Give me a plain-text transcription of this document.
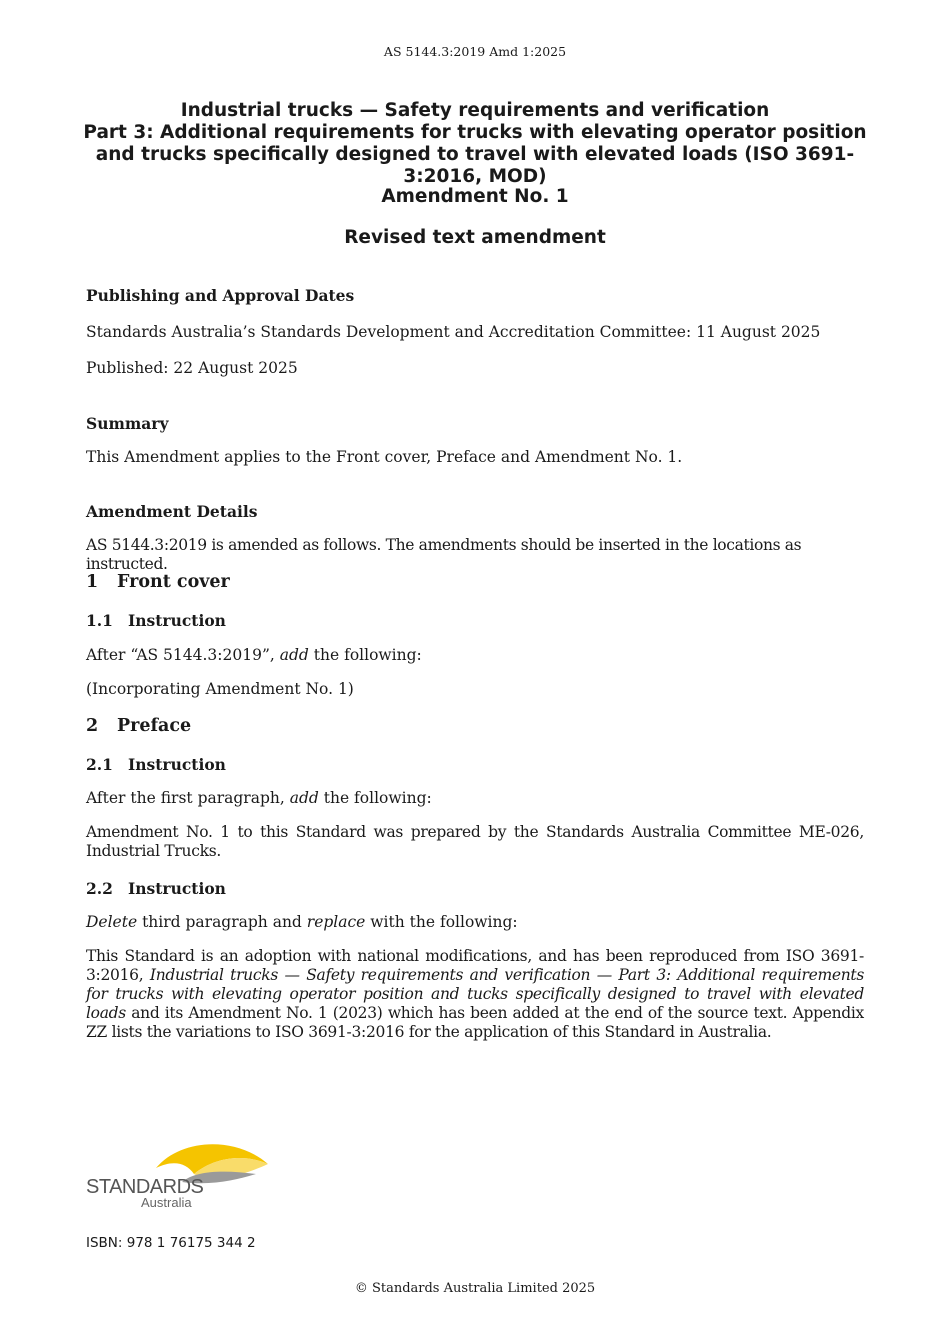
AS 5144.3:2019 Amd 1:2025
Industrial trucks — Safety requirements and verification
Part 3: Additional requirements for trucks with elevating operator position and trucks specifically designed to travel with elevated loads (ISO 3691-3:2016, MOD)
Amendment No. 1
Revised text amendment
Publishing and Approval Dates
Standards Australia’s Standards Development and Accreditation Committee: 11 August 2025
Published: 22 August 2025
Summary
This Amendment applies to the Front cover, Preface and Amendment No. 1.
Amendment Details
AS 5144.3:2019 is amended as follows. The amendments should be inserted in the locations as instructed.
1 Front cover
1.1 Instruction
After “AS 5144.3:2019”, add the following:
(Incorporating Amendment No. 1)
2 Preface
2.1 Instruction
After the first paragraph, add the following:
Amendment No. 1 to this Standard was prepared by the Standards Australia Committee ME-026, Industrial Trucks.
2.2 Instruction
Delete third paragraph and replace with the following:
This Standard is an adoption with national modifications, and has been reproduced from ISO 3691-3:2016, Industrial trucks — Safety requirements and verification — Part 3: Additional requirements for trucks with elevating operator position and tucks specifically designed to travel with elevated loads and its Amendment No. 1 (2023) which has been added at the end of the source text. Appendix ZZ lists the variations to ISO 3691-3:2016 for the application of this Standard in Australia.
STANDARDS
Australia
ISBN: 978 1 76175 344 2
© Standards Australia Limited 2025
